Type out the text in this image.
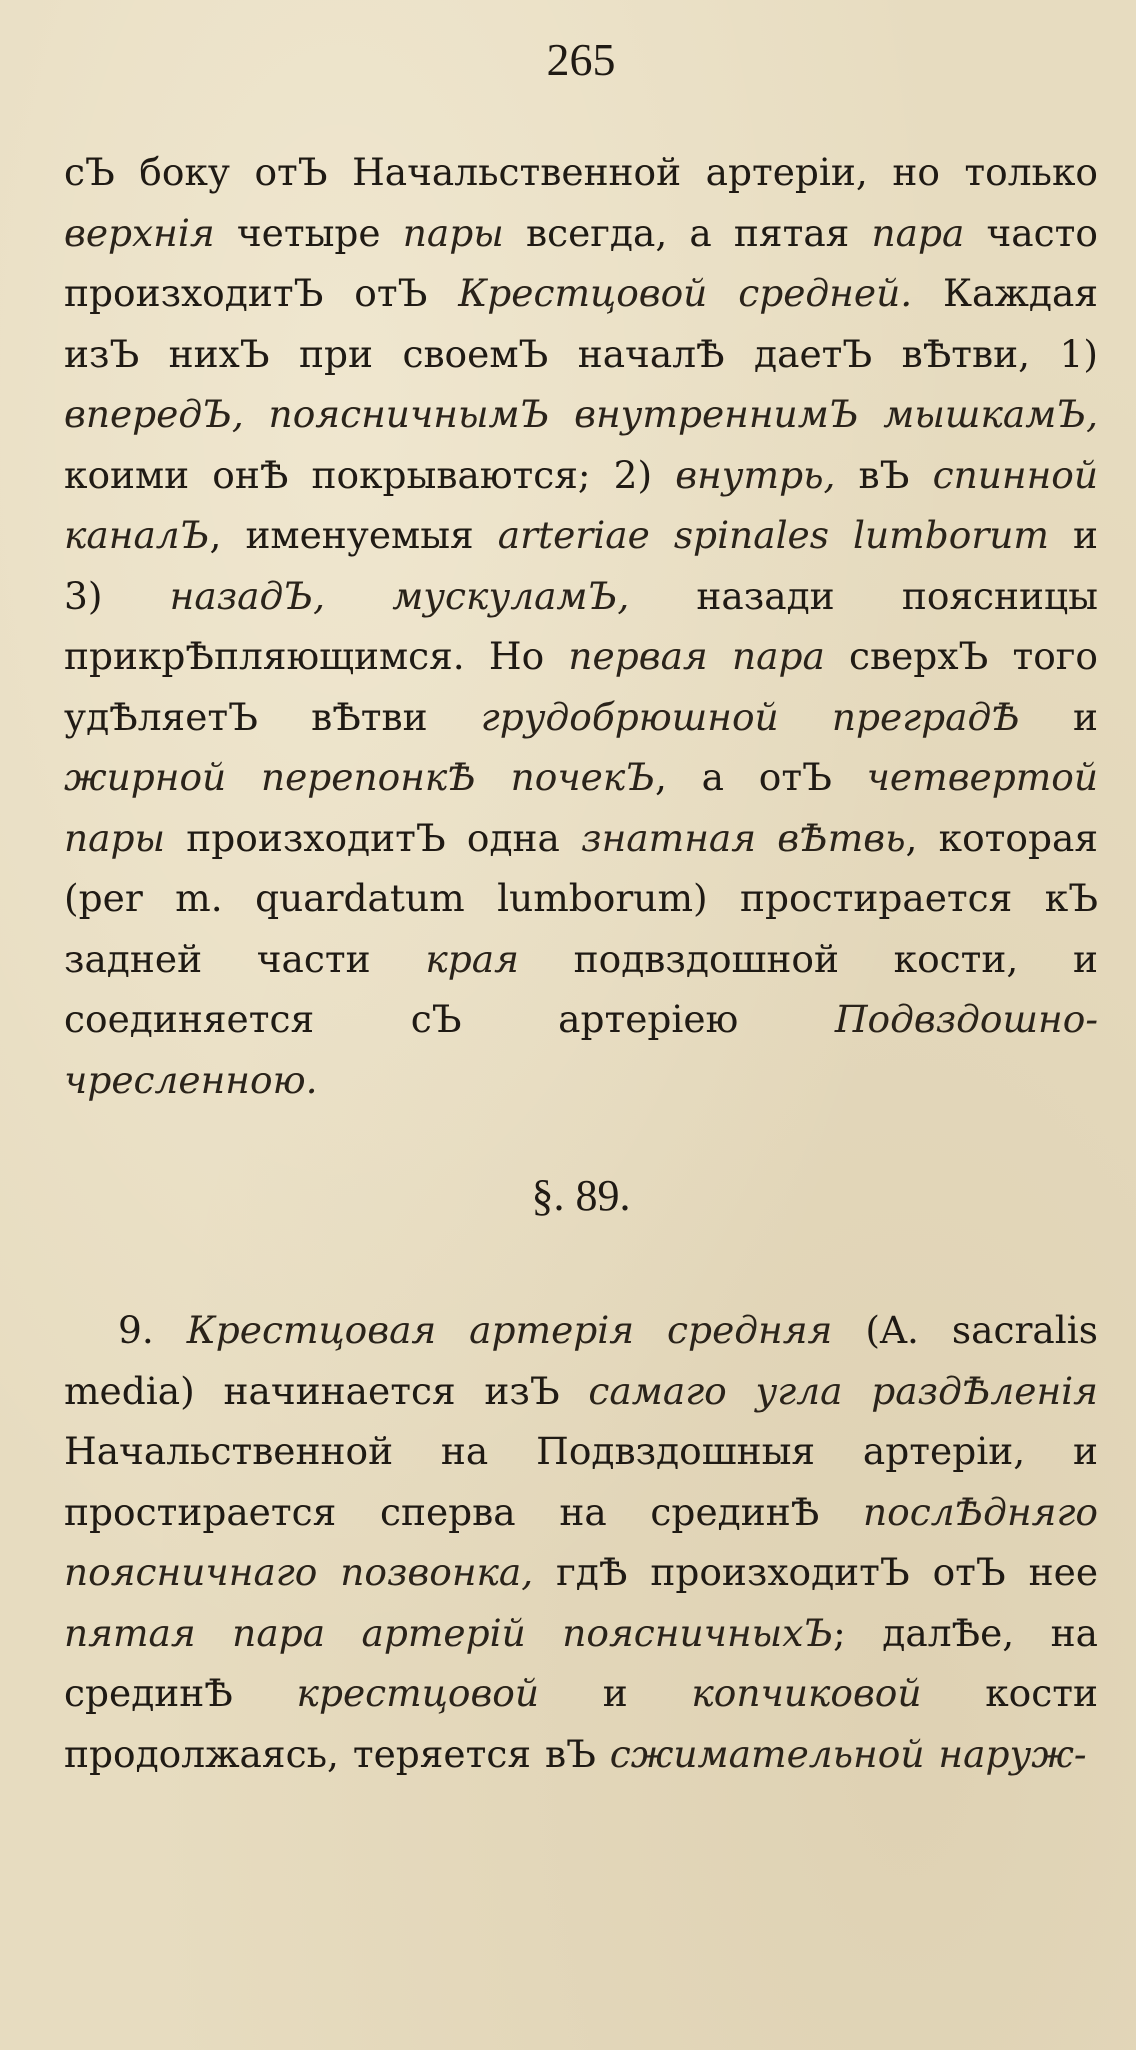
265

сЪ боку отЪ Начальственной артеріи, но только верхнія четыре пары всегда, а пятая пара часто произходитЪ отЪ Крестцовой средней. Каждая изЪ нихЪ при своемЪ началѢ даетЪ вѢтви, 1) впередЪ, поясничнымЪ внутреннимЪ мышкамЪ, коими онѢ покрываются; 2) внутрь, вЪ спинной каналЪ, именуемыя arteriae spinales lumborum и 3) назадЪ, мускуламЪ, назади поясницы прикрѢпляющимся. Но первая пара сверхЪ того удѢляетЪ вѢтви грудобрюшной преградѢ и жирной перепонкѢ почекЪ, а отЪ четвертой пары произходитЪ одна знатная вѢтвь, которая (per m. quardatum lumborum) простирается кЪ задней части края подвздошной кости, и соединяется сЪ артеріею Подвздошно-чресленною.

§. 89.

9. Крестцовая артерія средняя (A. sacralis media) начинается изЪ самаго угла раздѢленія Начальственной на Подвздошныя артеріи, и простирается сперва на срединѢ послѢдняго поясничнаго позвонка, гдѢ произходитЪ отЪ нее пятая пара артерій поясничныхЪ; далѢе, на срединѢ крестцовой и копчиковой кости продолжаясь, теряется вЪ сжимательной наруж-
